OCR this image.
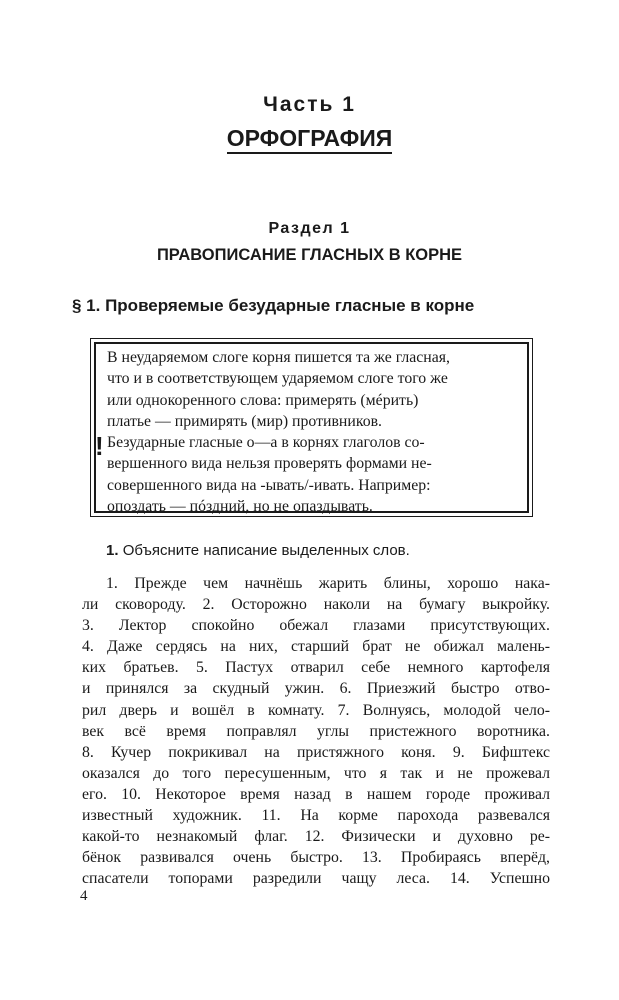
Часть 1
ОРФОГРАФИЯ
Раздел 1
ПРАВОПИСАНИЕ ГЛАСНЫХ В КОРНЕ
§ 1. Проверяемые безударные гласные в корне
!
В неударяемом слоге корня пишется та же гласная,
что и в соответствующем ударяемом слоге того же
или однокоренного слова: примерять (мéрить)
платье — примирять (мир) противников.
Безударные гласные о—а в корнях глаголов со-
вершенного вида нельзя проверять формами не-
совершенного вида на -ывать/-ивать. Например:
опоздать — пóздний, но не опаздывать.
1. Объясните написание выделенных слов.
1. Прежде чем начнёшь жарить блины, хорошо нака-
ли сковороду. 2. Осторожно наколи на бумагу выкройку.
3. Лектор спокойно обежал глазами присутствующих.
4. Даже сердясь на них, старший брат не обижал малень-
ких братьев. 5. Пастух отварил себе немного картофеля
и принялся за скудный ужин. 6. Приезжий быстро отво-
рил дверь и вошёл в комнату. 7. Волнуясь, молодой чело-
век всё время поправлял углы пристежного воротника.
8. Кучер покрикивал на пристяжного коня. 9. Бифштекс
оказался до того пересушенным, что я так и не прожевал
его. 10. Некоторое время назад в нашем городе проживал
известный художник. 11. На корме парохода развевался
какой-то незнакомый флаг. 12. Физически и духовно ре-
бёнок развивался очень быстро. 13. Пробираясь вперёд,
спасатели топорами разредили чащу леса. 14. Успешно
4
